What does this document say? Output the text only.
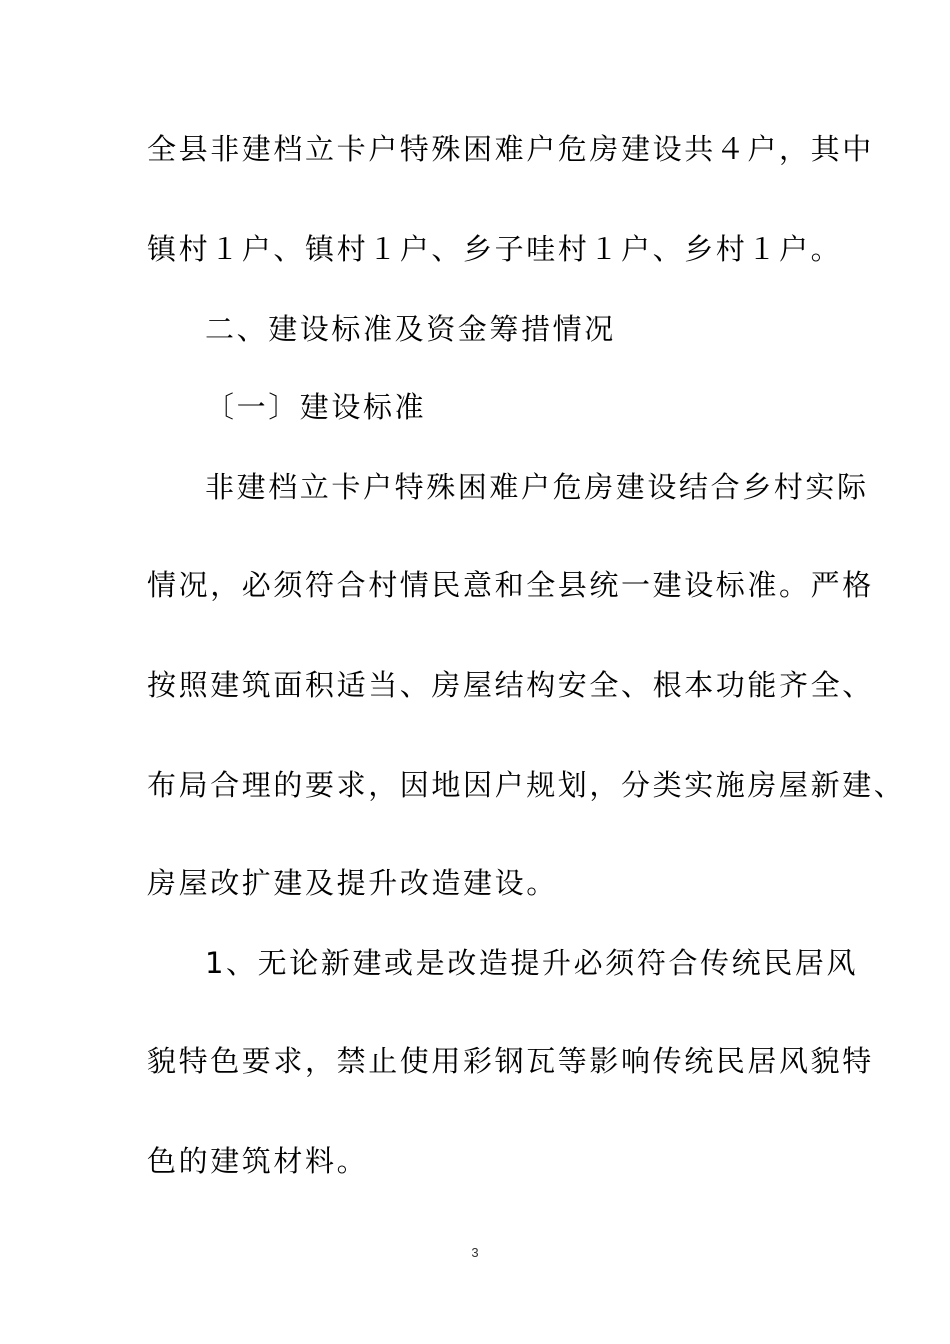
全县非建档立卡户特殊困难户危房建设共４户，其中
镇村１户、镇村１户、乡子哇村１户、乡村１户。
二、建设标准及资金筹措情况
〔一〕建设标准
非建档立卡户特殊困难户危房建设结合乡村实际
情况，必须符合村情民意和全县统一建设标准。严格
按照建筑面积适当、房屋结构安全、根本功能齐全、
布局合理的要求，因地因户规划，分类实施房屋新建、
房屋改扩建及提升改造建设。
1、无论新建或是改造提升必须符合传统民居风
貌特色要求，禁止使用彩钢瓦等影响传统民居风貌特
色的建筑材料。
3
